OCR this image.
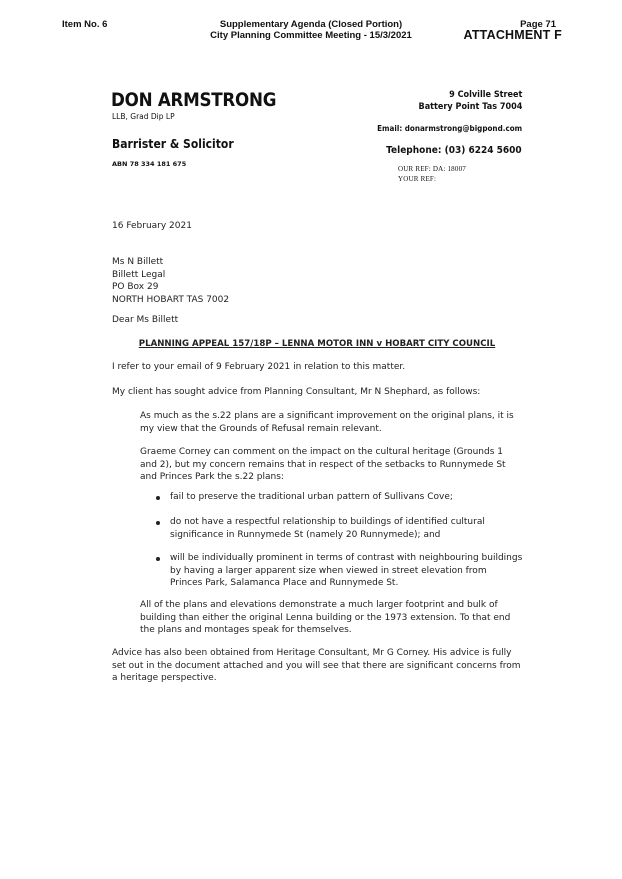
Item No. 6	Supplementary Agenda (Closed Portion)
City Planning Committee Meeting - 15/3/2021
Page 71
ATTACHMENT F
DON ARMSTRONG
LLB, Grad Dip LP
Barrister & Solicitor
ABN 78 334 181 675
9 Colville Street
Battery Point Tas 7004
Email: donarmstrong@bigpond.com
Telephone: (03) 6224 5600
OUR REF: DA: 18007
YOUR REF:
16 February 2021
Ms N Billett
Billett Legal
PO Box 29
NORTH HOBART TAS 7002
Dear Ms Billett
PLANNING APPEAL 157/18P – LENNA MOTOR INN v HOBART CITY COUNCIL
I refer to your email of 9 February 2021 in relation to this matter.
My client has sought advice from Planning Consultant, Mr N Shephard, as follows:
As much as the s.22 plans are a significant improvement on the original plans, it is
my view that the Grounds of Refusal remain relevant.
Graeme Corney can comment on the impact on the cultural heritage (Grounds 1
and 2), but my concern remains that in respect of the setbacks to Runnymede St
and Princes Park the s.22 plans:
fail to preserve the traditional urban pattern of Sullivans Cove;
do not have a respectful relationship to buildings of identified cultural
significance in Runnymede St (namely 20 Runnymede); and
will be individually prominent in terms of contrast with neighbouring buildings
by having a larger apparent size when viewed in street elevation from
Princes Park, Salamanca Place and Runnymede St.
All of the plans and elevations demonstrate a much larger footprint and bulk of
building than either the original Lenna building or the 1973 extension. To that end
the plans and montages speak for themselves.
Advice has also been obtained from Heritage Consultant, Mr G Corney. His advice is fully
set out in the document attached and you will see that there are significant concerns from
a heritage perspective.
